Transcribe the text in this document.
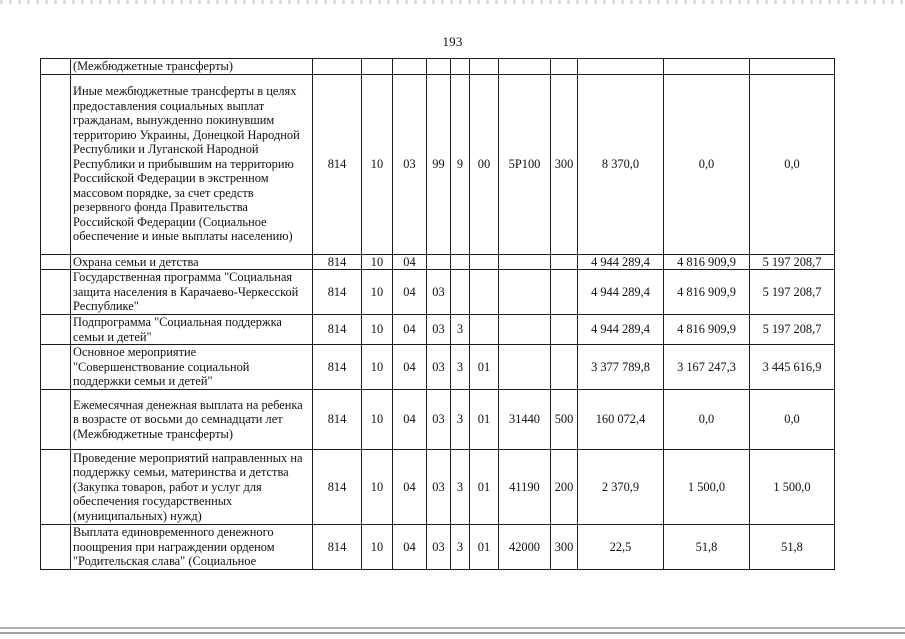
193
	(Межбюджетные трансферты)											
	Иные межбюджетные трансферты в целях предоставления социальных выплат гражданам, вынужденно покинувшим территорию Украины, Донецкой Народной Республики и Луганской Народной Республики и прибывшим на территорию Российской Федерации в экстренном массовом порядке, за счет средств резервного фонда Правительства Российской Федерации (Социальное обеспечение и иные выплаты населению)	814	10	03	99	9	00	5Р100	300	8 370,0	0,0	0,0
	Охрана семьи и детства	814	10	04						4 944 289,4	4 816 909,9	5 197 208,7
	Государственная программа "Социальная защита населения в Карачаево-Черкесской Республике"	814	10	04	03					4 944 289,4	4 816 909,9	5 197 208,7
	Подпрограмма "Социальная поддержка семьи и детей"	814	10	04	03	3				4 944 289,4	4 816 909,9	5 197 208,7
	Основное мероприятие "Совершенствование социальной поддержки семьи и детей"	814	10	04	03	3	01			3 377 789,8	3 167 247,3	3 445 616,9
	Ежемесячная денежная выплата на ребенка в возрасте от восьми до семнадцати лет (Межбюджетные трансферты)	814	10	04	03	3	01	31440	500	160 072,4	0,0	0,0
	Проведение мероприятий направленных на поддержку семьи, материнства и детства (Закупка товаров, работ и услуг для обеспечения государственных (муниципальных) нужд)	814	10	04	03	3	01	41190	200	2 370,9	1 500,0	1 500,0
	Выплата единовременного денежного поощрения при награждении орденом "Родительская слава" (Социальное	814	10	04	03	3	01	42000	300	22,5	51,8	51,8
